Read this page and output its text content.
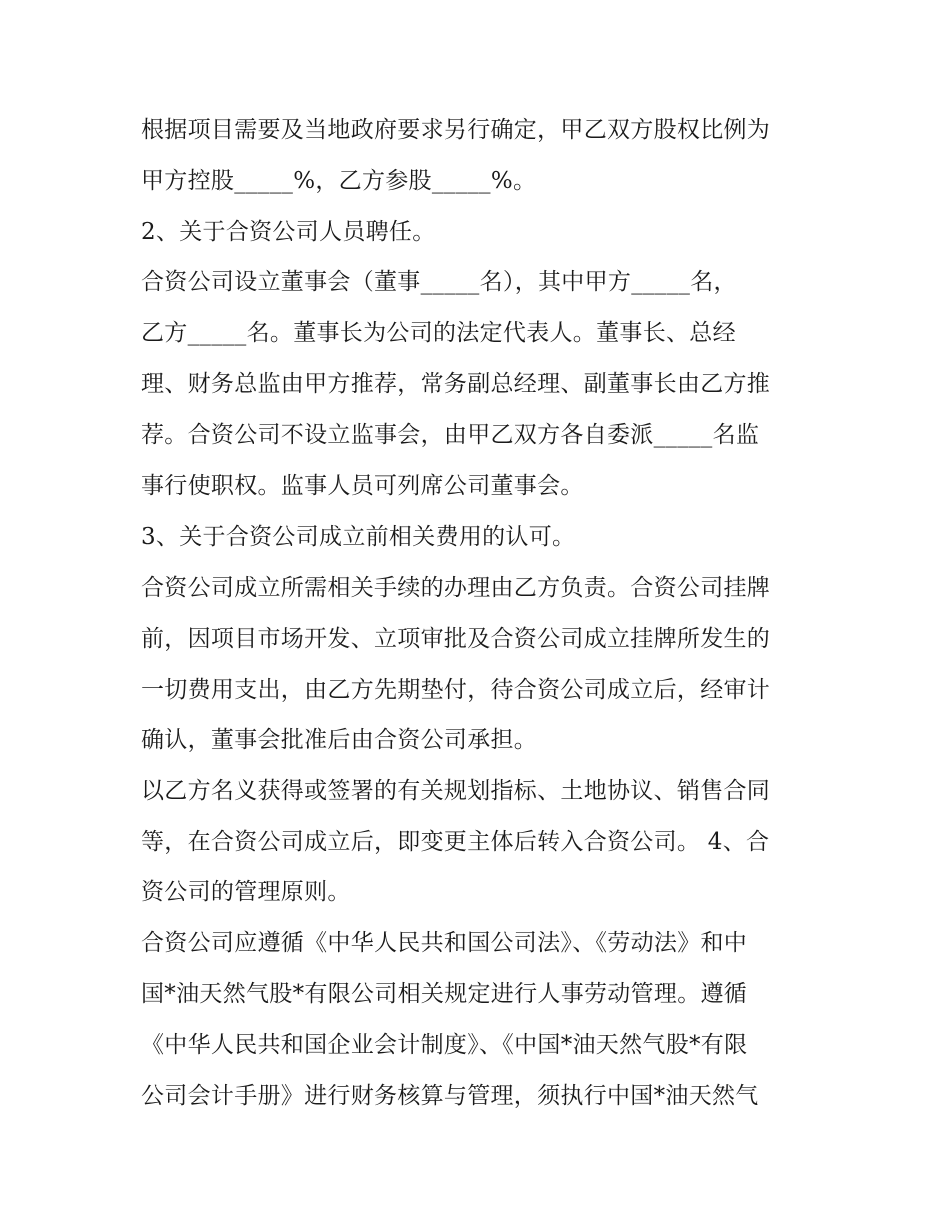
根据项目需要及当地政府要求另行确定，甲乙双方股权比例为
甲方控股_____%，乙方参股_____%。
2、关于合资公司人员聘任。
合资公司设立董事会（董事_____名），其中甲方_____名，
乙方_____名。董事长为公司的法定代表人。董事长、总经
理、财务总监由甲方推荐，常务副总经理、副董事长由乙方推
荐。合资公司不设立监事会，由甲乙双方各自委派_____名监
事行使职权。监事人员可列席公司董事会。
3、关于合资公司成立前相关费用的认可。
合资公司成立所需相关手续的办理由乙方负责。合资公司挂牌
前，因项目市场开发、立项审批及合资公司成立挂牌所发生的
一切费用支出，由乙方先期垫付，待合资公司成立后，经审计
确认，董事会批准后由合资公司承担。
以乙方名义获得或签署的有关规划指标、土地协议、销售合同
等，在合资公司成立后，即变更主体后转入合资公司。 4、合
资公司的管理原则。
合资公司应遵循《中华人民共和国公司法》、《劳动法》和中
国*油天然气股*有限公司相关规定进行人事劳动管理。遵循
《中华人民共和国企业会计制度》、《中国*油天然气股*有限
公司会计手册》进行财务核算与管理，须执行中国*油天然气
